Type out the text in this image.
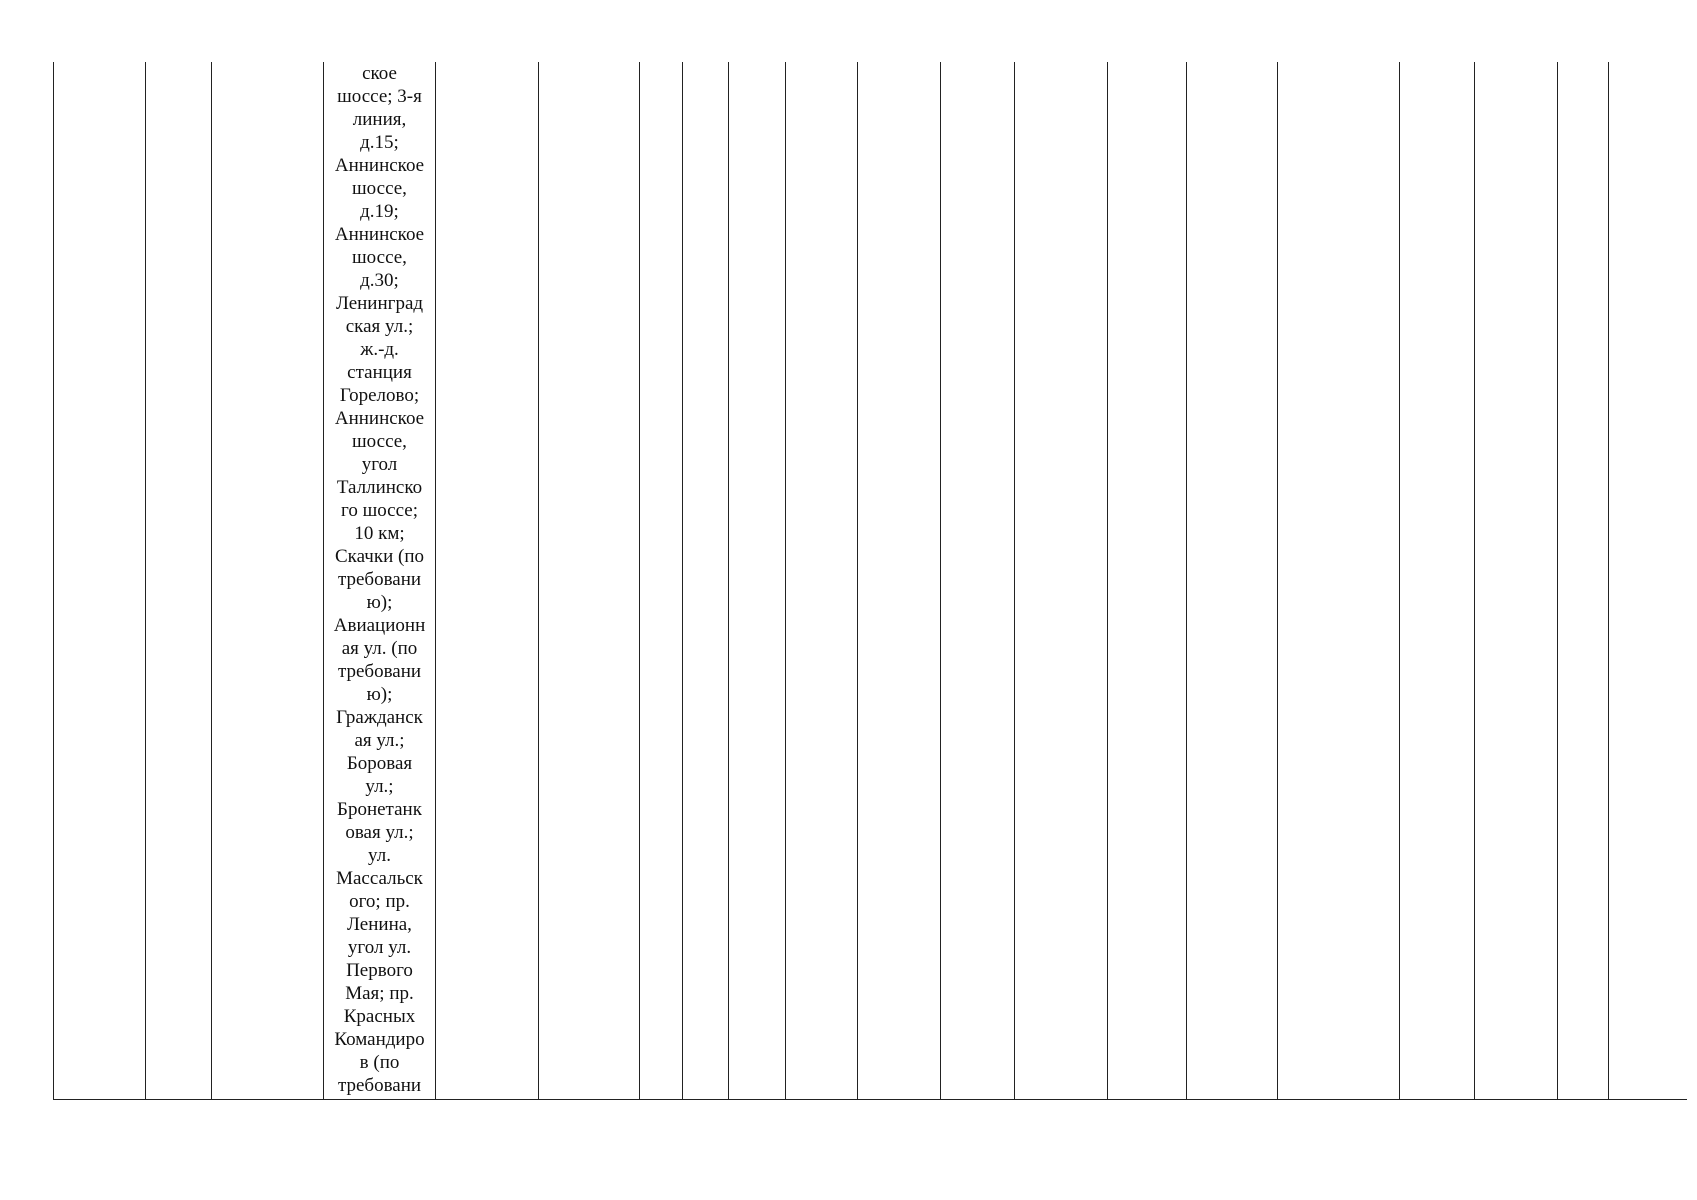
ское
шоссе; 3-я
линия,
д.15;
Аннинское
шоссе,
д.19;
Аннинское
шоссе,
д.30;
Ленинград
ская ул.;
ж.-д.
станция
Горелово;
Аннинское
шоссе,
угол
Таллинско
го шоссе;
10 км;
Скачки (по
требовани
ю);
Авиационн
ая ул. (по
требовани
ю);
Гражданск
ая ул.;
Боровая
ул.;
Бронетанк
овая ул.;
ул.
Массальск
ого; пр.
Ленина,
угол ул.
Первого
Мая; пр.
Красных
Командиро
в (по
требовани
